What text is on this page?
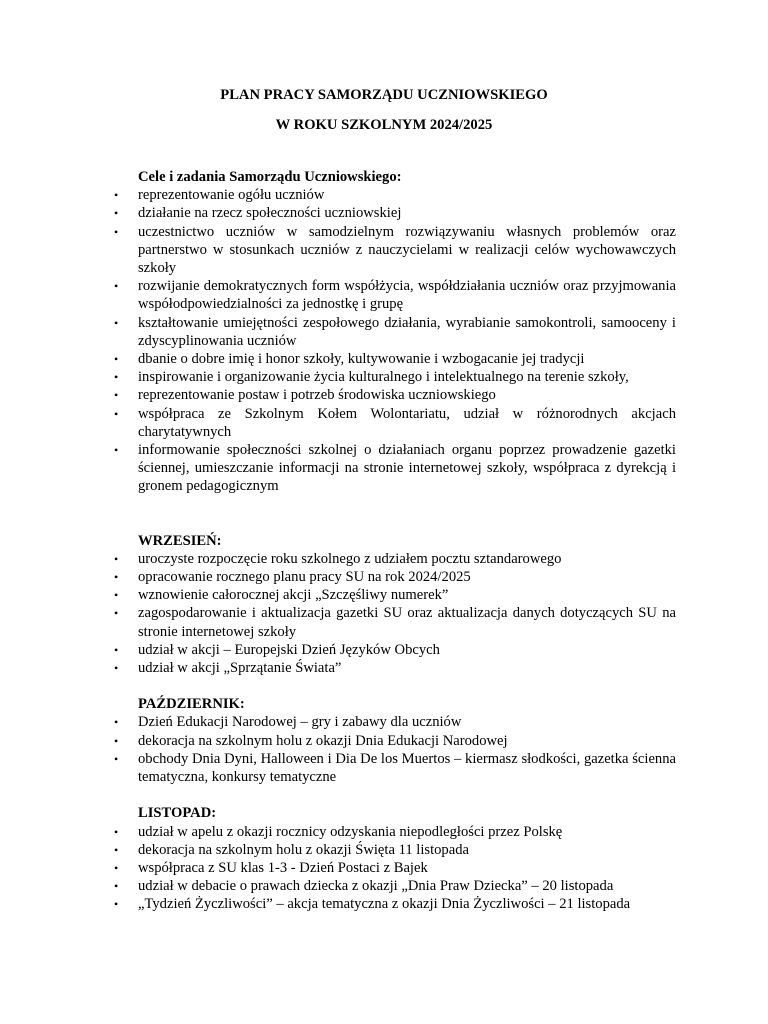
PLAN PRACY SAMORZĄDU UCZNIOWSKIEGO

W ROKU SZKOLNYM 2024/2025

Cele i zadania Samorządu Uczniowskiego:

• reprezentowanie ogółu uczniów
• działanie na rzecz społeczności uczniowskiej
• uczestnictwo uczniów w samodzielnym rozwiązywaniu własnych problemów oraz partnerstwo w stosunkach uczniów z nauczycielami w realizacji celów wychowawczych szkoły
• rozwijanie demokratycznych form współżycia, współdziałania uczniów oraz przyjmowania współodpowiedzialności za jednostkę i grupę
• kształtowanie umiejętności zespołowego działania, wyrabianie samokontroli, samooceny i zdyscyplinowania uczniów
• dbanie o dobre imię i honor szkoły, kultywowanie i wzbogacanie jej tradycji
• inspirowanie i organizowanie życia kulturalnego i intelektualnego na terenie szkoły,
• reprezentowanie postaw i potrzeb środowiska uczniowskiego
• współpraca ze Szkolnym Kołem Wolontariatu, udział w różnorodnych akcjach charytatywnych
• informowanie społeczności szkolnej o działaniach organu poprzez prowadzenie gazetki ściennej, umieszczanie informacji na stronie internetowej szkoły, współpraca z dyrekcją i gronem pedagogicznym

WRZESIEŃ:

• uroczyste rozpoczęcie roku szkolnego z udziałem pocztu sztandarowego
• opracowanie rocznego planu pracy SU na rok 2024/2025
• wznowienie całorocznej akcji „Szczęśliwy numerek”
• zagospodarowanie i aktualizacja gazetki SU oraz aktualizacja danych dotyczących SU na stronie internetowej szkoły
• udział w akcji – Europejski Dzień Języków Obcych
• udział w akcji „Sprzątanie Świata”

PAŹDZIERNIK:

• Dzień Edukacji Narodowej – gry i zabawy dla uczniów
• dekoracja na szkolnym holu z okazji Dnia Edukacji Narodowej
• obchody Dnia Dyni, Halloween i Dia De los Muertos – kiermasz słodkości, gazetka ścienna tematyczna, konkursy tematyczne

LISTOPAD:

• udział w apelu z okazji rocznicy odzyskania niepodległości przez Polskę
• dekoracja na szkolnym holu z okazji Święta 11 listopada
• współpraca z SU klas 1-3 - Dzień Postaci z Bajek
• udział w debacie o prawach dziecka z okazji „Dnia Praw Dziecka” – 20 listopada
• „Tydzień Życzliwości” – akcja tematyczna z okazji Dnia Życzliwości – 21 listopada
